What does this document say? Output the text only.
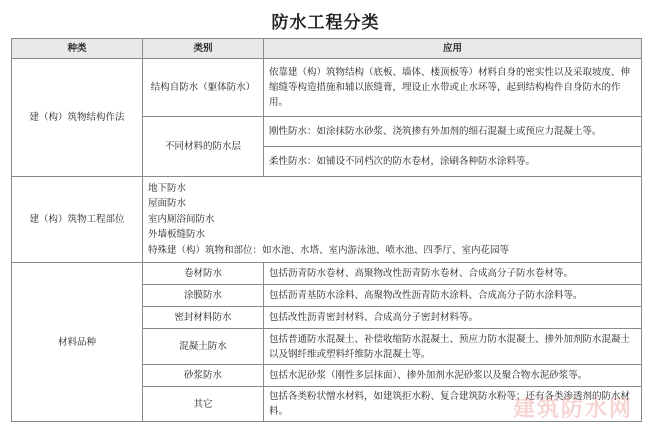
防水工程分类
种类	类别	应用
建（构）筑物结构作法	结构自防水（躯体防水）	依靠建（构）筑物结构（底板、墙体、楼顶板等）材料自身的密实性以及采取坡度、伸缩缝等构造措施和辅以嵌缝膏，埋设止水带或止水环等，起到结构构件自身防水的作用。
	不同材料的防水层	刚性防水：如涂抹防水砂浆、浇筑掺有外加剂的细石混凝土或预应力混凝土等。
		柔性防水：如铺设不同档次的防水卷材，涂刷各种防水涂料等。
建（构）筑物工程部位	地下防水
屋面防水
室内厕浴间防水
外墙板缝防水
特殊建（构）筑物和部位：如水池、水塔、室内游泳池、喷水池、四季厅、室内花园等	

材料品种	卷材防水	包括沥青防水卷材、高聚物改性沥青防水卷材、合成高分子防水卷材等。
	涂膜防水	包括沥青基防水涂料、高聚物改性沥青防水涂料、合成高分子防水涂料等。
	密封材料防水	包括改性沥青密封材料、合成高分子密封材料等。
	混凝土防水	包括普通防水混凝土、补偿收缩防水混凝土、预应力防水混凝土、掺外加剂防水混凝土以及钢纤维或塑料纤维防水混凝土等。
	砂浆防水	包括水泥砂浆（刚性多层抹面）、掺外加剂水泥砂浆以及聚合物水泥砂浆等。
	其它	包括各类粉状憎水材料，如建筑拒水粉、复合建筑防水粉等；还有各类渗透剂的防水材料。	建筑防水网
